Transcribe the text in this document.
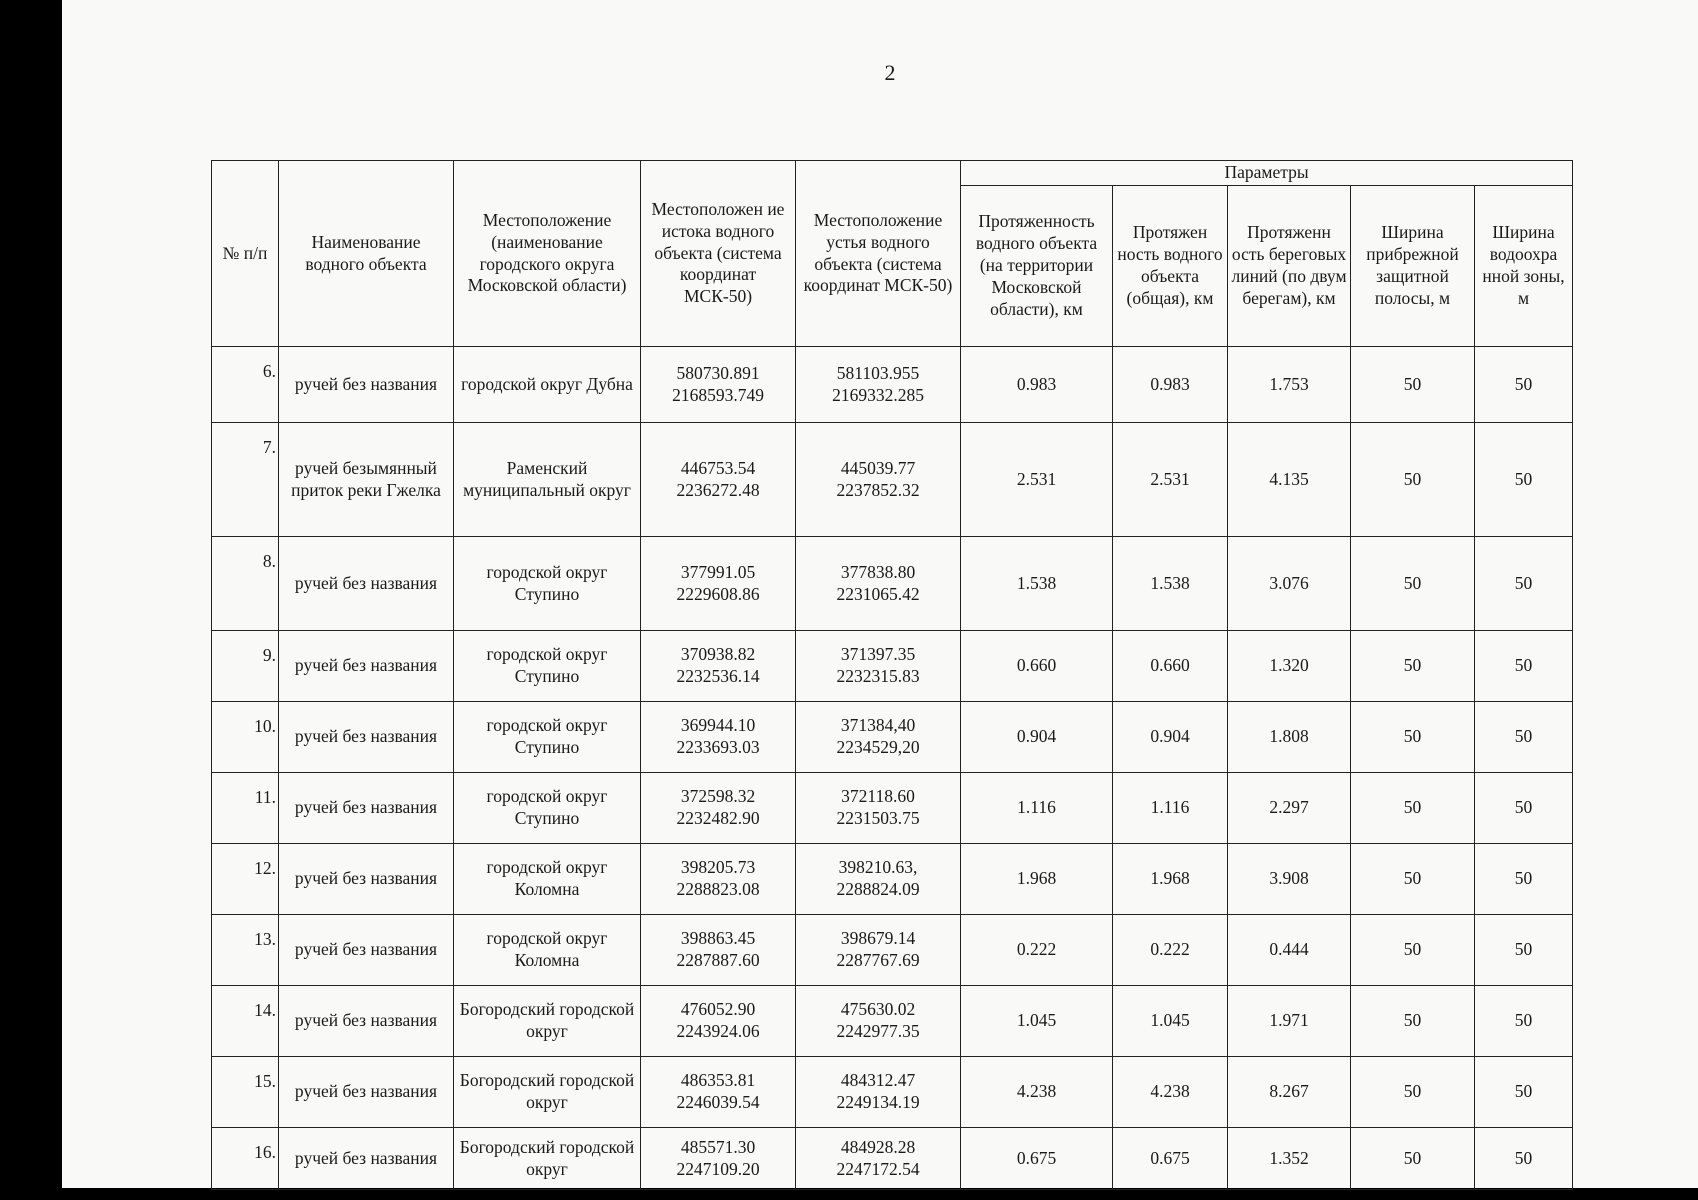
2
№ п/п	Наименование водного объекта	Местоположение (наименование городского округа Московской области)	Местоположен ие истока водного объекта (система координат МСК-50)	Местоположение устья водного объекта (система координат МСК-50)	Параметры				
					Протяженность водного объекта (на территории Московской области), км	Протяжен ность водного объекта (общая), км	Протяженн ость береговых линий (по двум берегам), км	Ширина прибрежной защитной полосы, м	Ширина водоохра нной зоны, м
6.	ручей без названия	городской округ Дубна	580730.891
2168593.749	581103.955
2169332.285	0.983	0.983	1.753	50	50
7.	ручей безымянный приток реки Гжелка	Раменский муниципальный округ	446753.54
2236272.48	445039.77
2237852.32	2.531	2.531	4.135	50	50
8.	ручей без названия	городской округ Ступино	377991.05
2229608.86	377838.80
2231065.42	1.538	1.538	3.076	50	50
9.	ручей без названия	городской округ Ступино	370938.82
2232536.14	371397.35
2232315.83	0.660	0.660	1.320	50	50
10.	ручей без названия	городской округ Ступино	369944.10
2233693.03	371384,40
2234529,20	0.904	0.904	1.808	50	50
11.	ручей без названия	городской округ Ступино	372598.32
2232482.90	372118.60
2231503.75	1.116	1.116	2.297	50	50
12.	ручей без названия	городской округ Коломна	398205.73
2288823.08	398210.63,
2288824.09	1.968	1.968	3.908	50	50
13.	ручей без названия	городской округ Коломна	398863.45
2287887.60	398679.14
2287767.69	0.222	0.222	0.444	50	50
14.	ручей без названия	Богородский городской округ	476052.90
2243924.06	475630.02
2242977.35	1.045	1.045	1.971	50	50
15.	ручей без названия	Богородский городской округ	486353.81
2246039.54	484312.47
2249134.19	4.238	4.238	8.267	50	50
16.	ручей без названия	Богородский городской округ	485571.30
2247109.20	484928.28
2247172.54	0.675	0.675	1.352	50	50
